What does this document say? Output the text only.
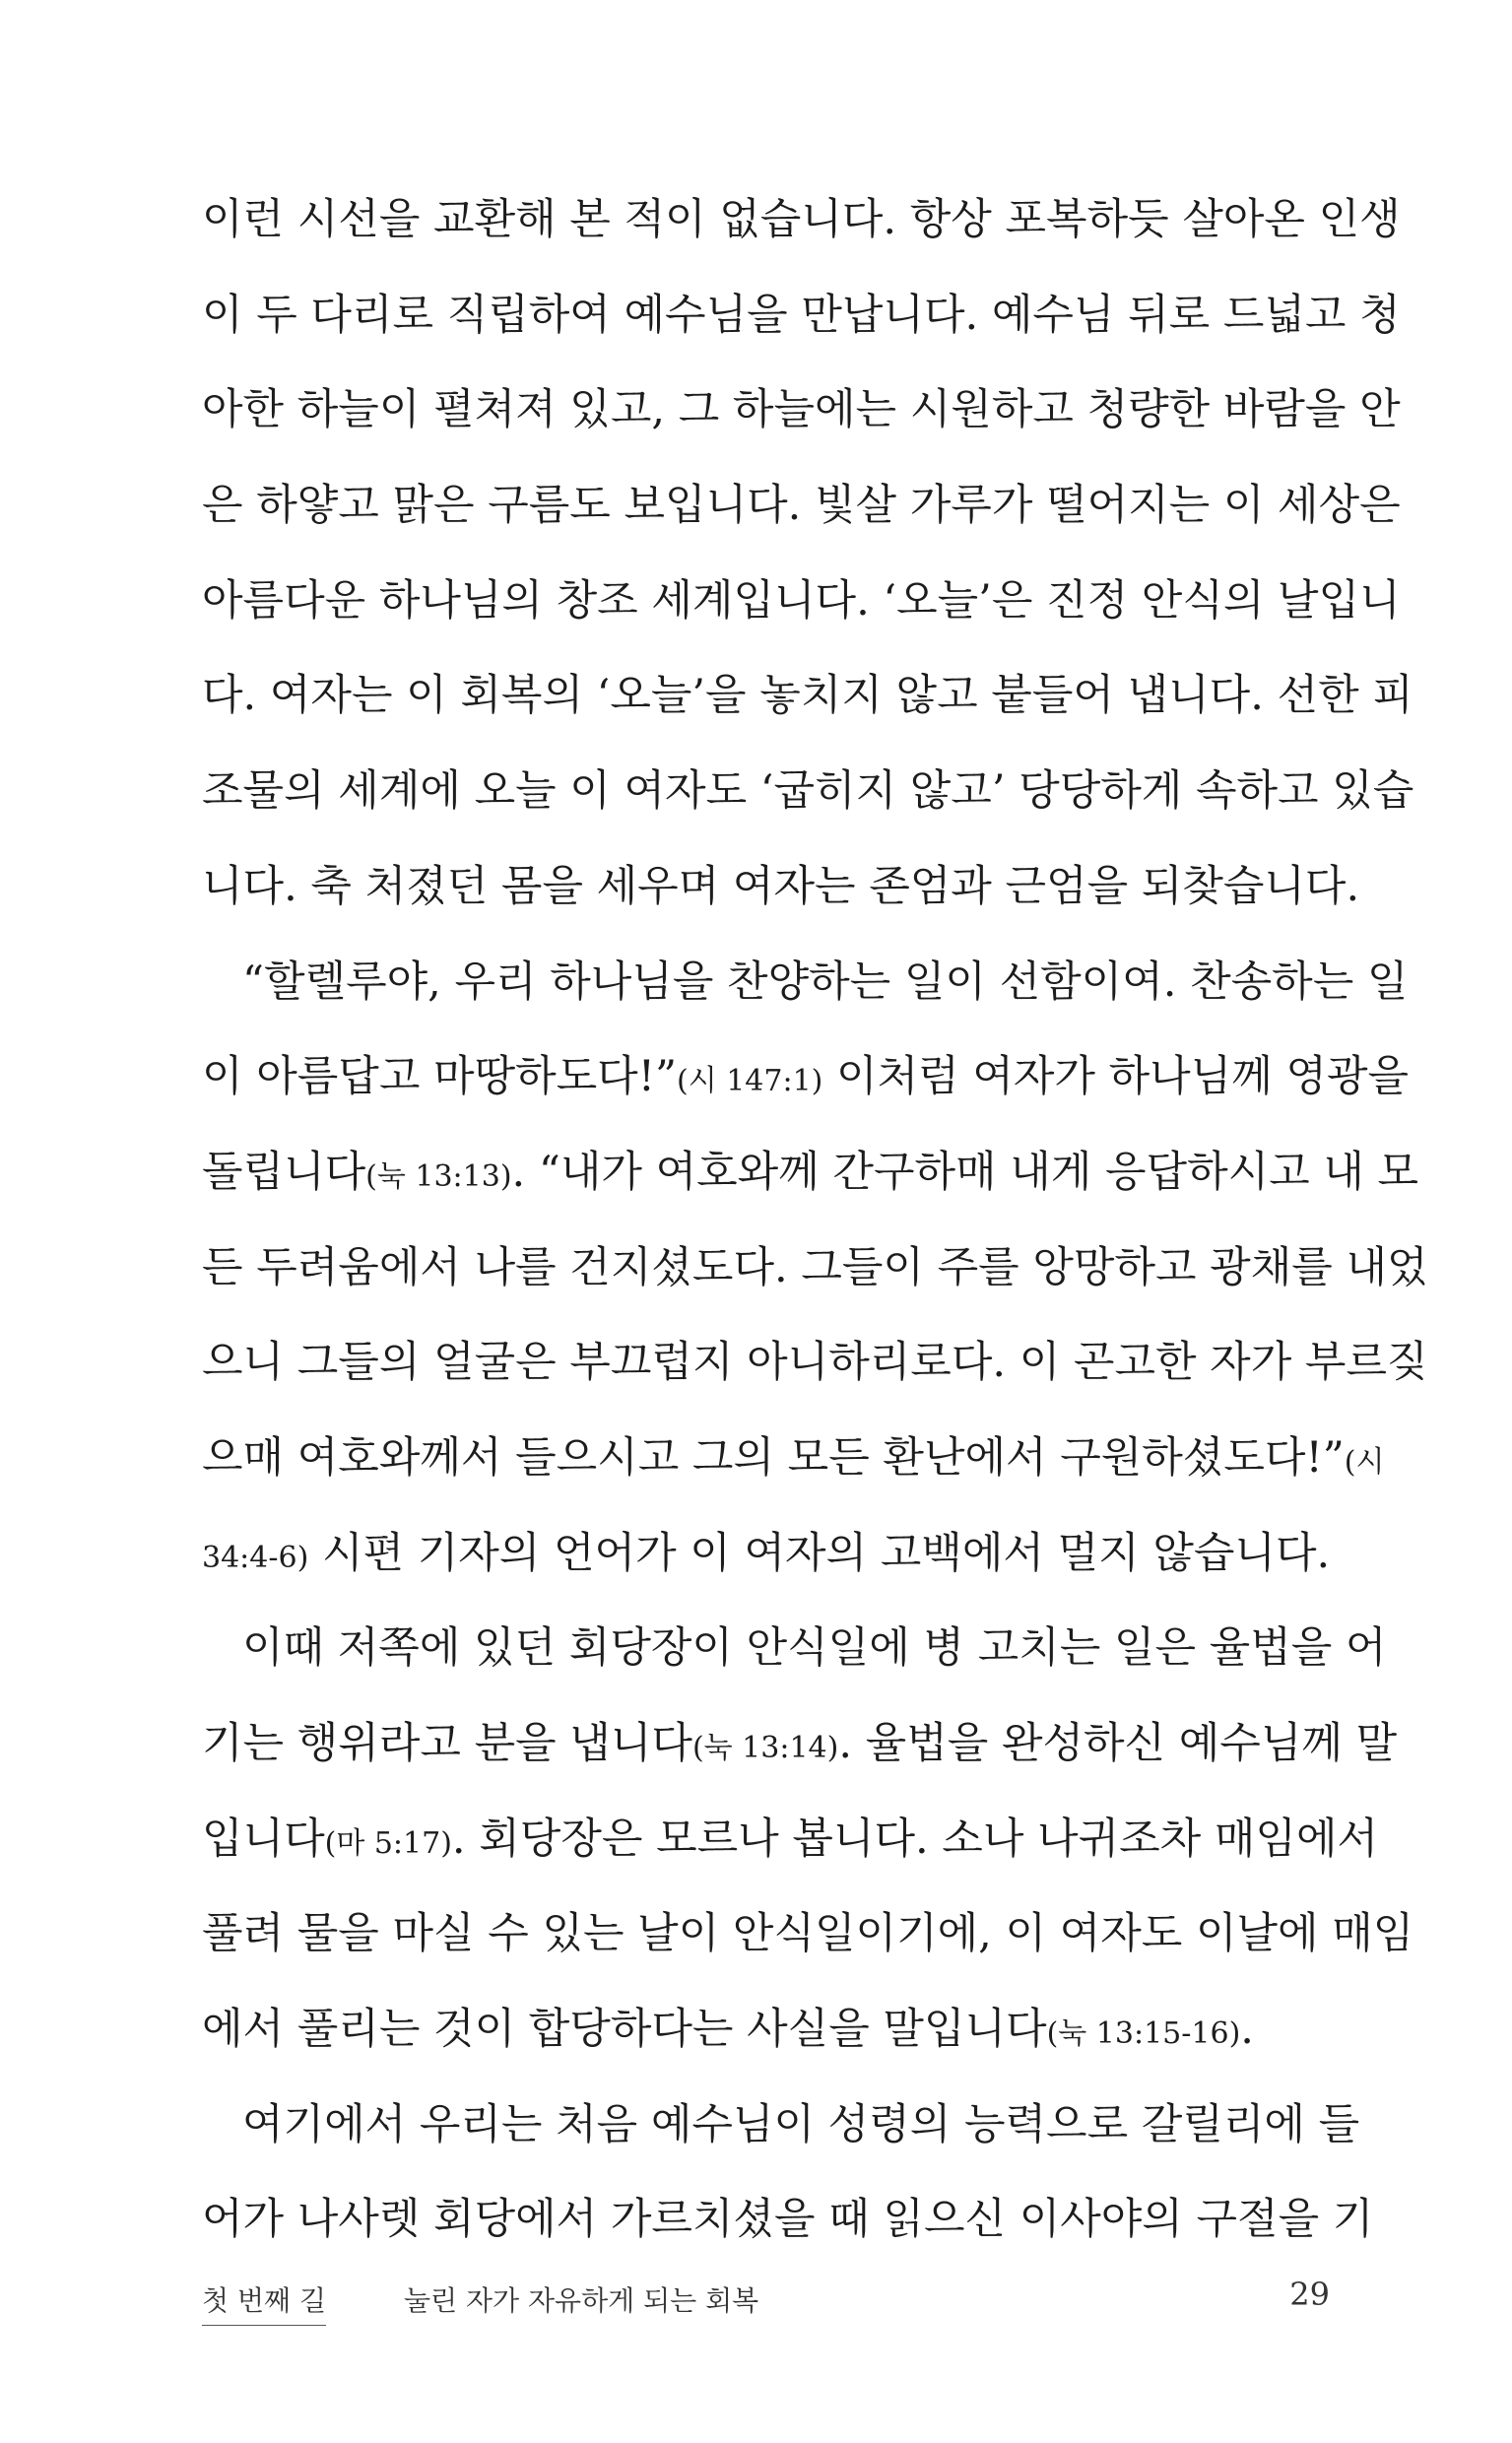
이런 시선을 교환해 본 적이 없습니다. 항상 포복하듯 살아온 인생
이 두 다리로 직립하여 예수님을 만납니다. 예수님 뒤로 드넓고 청
아한 하늘이 펼쳐져 있고, 그 하늘에는 시원하고 청량한 바람을 안
은 하얗고 맑은 구름도 보입니다. 빛살 가루가 떨어지는 이 세상은
아름다운 하나님의 창조 세계입니다. ‘오늘’은 진정 안식의 날입니
다. 여자는 이 회복의 ‘오늘’을 놓치지 않고 붙들어 냅니다. 선한 피
조물의 세계에 오늘 이 여자도 ‘굽히지 않고’ 당당하게 속하고 있습
니다. 축 처졌던 몸을 세우며 여자는 존엄과 근엄을 되찾습니다.
“할렐루야, 우리 하나님을 찬양하는 일이 선함이여. 찬송하는 일
이 아름답고 마땅하도다!”(시 147:1) 이처럼 여자가 하나님께 영광을
돌립니다(눅 13:13). “내가 여호와께 간구하매 내게 응답하시고 내 모
든 두려움에서 나를 건지셨도다. 그들이 주를 앙망하고 광채를 내었
으니 그들의 얼굴은 부끄럽지 아니하리로다. 이 곤고한 자가 부르짖
으매 여호와께서 들으시고 그의 모든 환난에서 구원하셨도다!”(시
34:4-6) 시편 기자의 언어가 이 여자의 고백에서 멀지 않습니다.
이때 저쪽에 있던 회당장이 안식일에 병 고치는 일은 율법을 어
기는 행위라고 분을 냅니다(눅 13:14). 율법을 완성하신 예수님께 말
입니다(마 5:17). 회당장은 모르나 봅니다. 소나 나귀조차 매임에서
풀려 물을 마실 수 있는 날이 안식일이기에, 이 여자도 이날에 매임
에서 풀리는 것이 합당하다는 사실을 말입니다(눅 13:15-16).
여기에서 우리는 처음 예수님이 성령의 능력으로 갈릴리에 들
어가 나사렛 회당에서 가르치셨을 때 읽으신 이사야의 구절을 기
첫 번째 길	눌린 자가 자유하게 되는 회복	29
